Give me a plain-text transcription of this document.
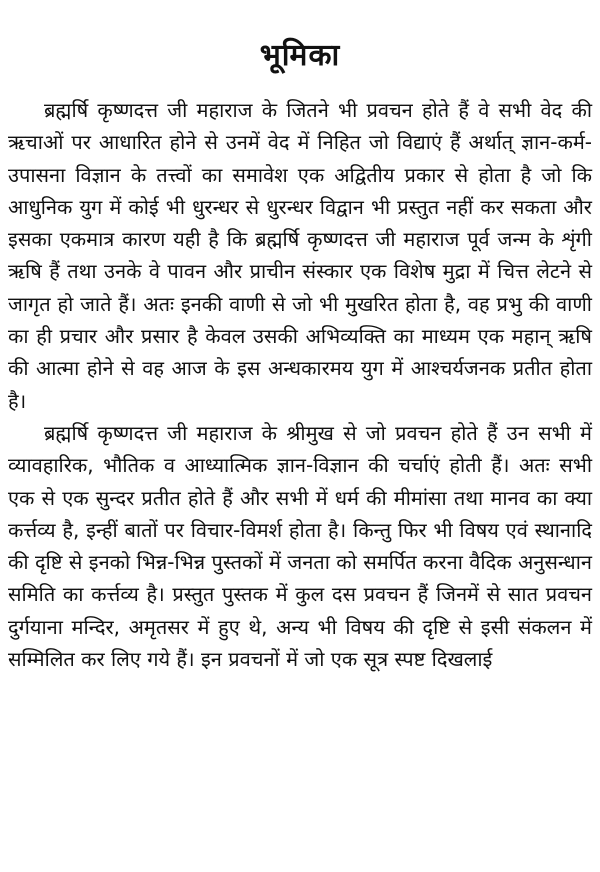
भूमिका

ब्रह्मर्षि कृष्णदत्त जी महाराज के जितने भी प्रवचन होते हैं वे सभी वेद की ऋचाओं पर आधारित होने से उनमें वेद में निहित जो विद्याएं हैं अर्थात् ज्ञान-कर्म-उपासना विज्ञान के तत्त्वों का समावेश एक अद्वितीय प्रकार से होता है जो कि आधुनिक युग में कोई भी धुरन्धर से धुरन्धर विद्वान भी प्रस्तुत नहीं कर सकता और इसका एकमात्र कारण यही है कि ब्रह्मर्षि कृष्णदत्त जी महाराज पूर्व जन्म के शृंगी ऋषि हैं तथा उनके वे पावन और प्राचीन संस्कार एक विशेष मुद्रा में चित्त लेटने से जागृत हो जाते हैं। अतः इनकी वाणी से जो भी मुखरित होता है, वह प्रभु की वाणी का ही प्रचार और प्रसार है केवल उसकी अभिव्यक्ति का माध्यम एक महान् ऋषि की आत्मा होने से वह आज के इस अन्धकारमय युग में आश्चर्यजनक प्रतीत होता है।

ब्रह्मर्षि कृष्णदत्त जी महाराज के श्रीमुख से जो प्रवचन होते हैं उन सभी में व्यावहारिक, भौतिक व आध्यात्मिक ज्ञान-विज्ञान की चर्चाएं होती हैं। अतः सभी एक से एक सुन्दर प्रतीत होते हैं और सभी में धर्म की मीमांसा तथा मानव का क्या कर्त्तव्य है, इन्हीं बातों पर विचार-विमर्श होता है। किन्तु फिर भी विषय एवं स्थानादि की दृष्टि से इनको भिन्न-भिन्न पुस्तकों में जनता को समर्पित करना वैदिक अनुसन्धान समिति का कर्त्तव्य है। प्रस्तुत पुस्तक में कुल दस प्रवचन हैं जिनमें से सात प्रवचन दुर्गयाना मन्दिर, अमृतसर में हुए थे, अन्य भी विषय की दृष्टि से इसी संकलन में सम्मिलित कर लिए गये हैं। इन प्रवचनों में जो एक सूत्र स्पष्ट दिखलाई
